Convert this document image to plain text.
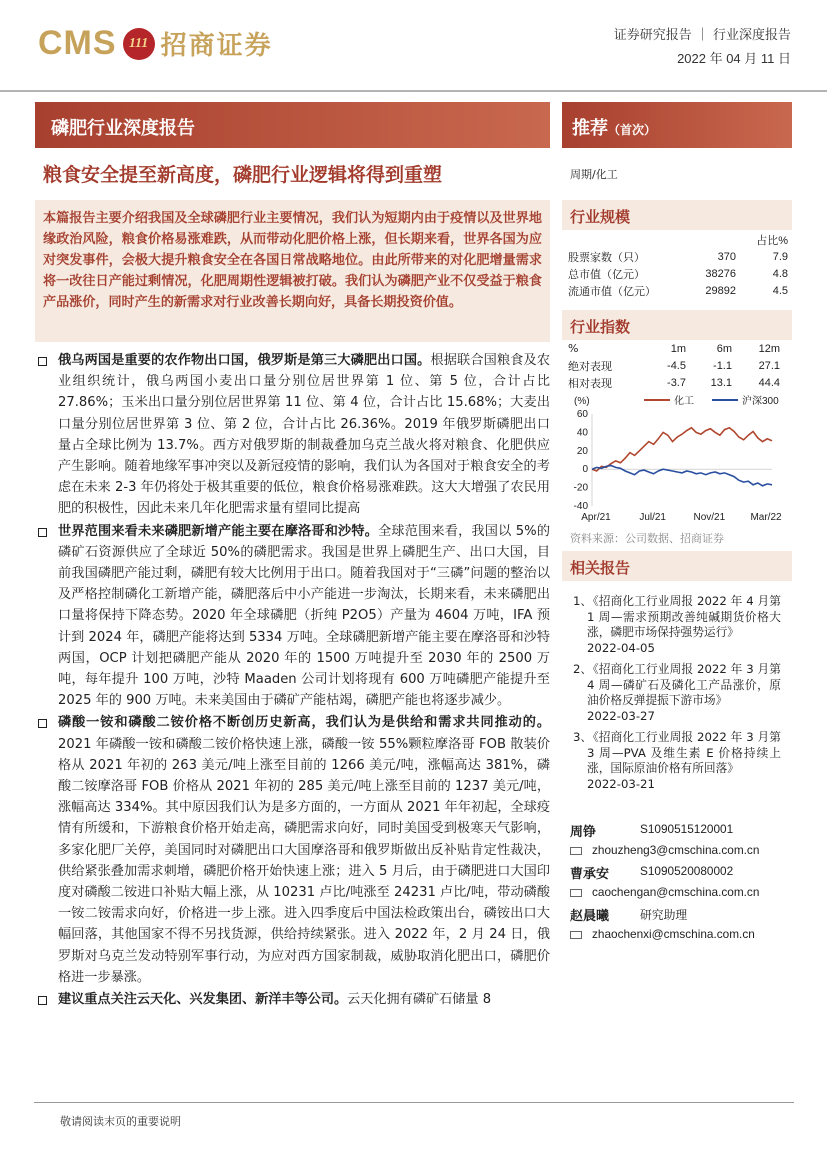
CMS 111 招商证券	证券研究报告 ｜ 行业深度报告
2022 年 04 月 11 日
磷肥行业深度报告
粮食安全提至新高度，磷肥行业逻辑将得到重塑
本篇报告主要介绍我国及全球磷肥行业主要情况，我们认为短期内由于疫情以及世界地缘政治风险，粮食价格易涨难跌，从而带动化肥价格上涨，但长期来看，世界各国为应对突发事件，会极大提升粮食安全在各国日常战略地位。由此所带来的对化肥增量需求将一改往日产能过剩情况，化肥周期性逻辑被打破。我们认为磷肥产业不仅受益于粮食产品涨价，同时产生的新需求对行业改善长期向好，具备长期投资价值。
俄乌两国是重要的农作物出口国，俄罗斯是第三大磷肥出口国。根据联合国粮食及农业组织统计，俄乌两国小麦出口量分别位居世界第 1 位、第 5 位，合计占比 27.86%；玉米出口量分别位居世界第 11 位、第 4 位，合计占比 15.68%；大麦出口量分别位居世界第 3 位、第 2 位，合计占比 26.36%。2019 年俄罗斯磷肥出口量占全球比例为 13.7%。西方对俄罗斯的制裁叠加乌克兰战火将对粮食、化肥供应产生影响。随着地缘军事冲突以及新冠疫情的影响，我们认为各国对于粮食安全的考虑在未来 2-3 年仍将处于极其重要的低位，粮食价格易涨难跌。这大大增强了农民用肥的积极性，因此未来几年化肥需求量有望同比提高
世界范围来看未来磷肥新增产能主要在摩洛哥和沙特。全球范围来看，我国以 5%的磷矿石资源供应了全球近 50%的磷肥需求。我国是世界上磷肥生产、出口大国，目前我国磷肥产能过剩，磷肥有较大比例用于出口。随着我国对于“三磷”问题的整治以及严格控制磷化工新增产能，磷肥落后中小产能进一步淘汰，长期来看，未来磷肥出口量将保持下降态势。2020 年全球磷肥（折纯 P2O5）产量为 4604 万吨，IFA 预计到 2024 年，磷肥产能将达到 5334 万吨。全球磷肥新增产能主要在摩洛哥和沙特两国，OCP 计划把磷肥产能从 2020 年的 1500 万吨提升至 2030 年的 2500 万吨，每年提升 100 万吨，沙特 Maaden 公司计划将现有 600 万吨磷肥产能提升至 2025 年的 900 万吨。未来美国由于磷矿产能枯竭，磷肥产能也将逐步减少。
磷酸一铵和磷酸二铵价格不断创历史新高，我们认为是供给和需求共同推动的。2021 年磷酸一铵和磷酸二铵价格快速上涨，磷酸一铵 55%颗粒摩洛哥 FOB 散装价格从 2021 年初的 263 美元/吨上涨至目前的 1266 美元/吨，涨幅高达 381%，磷酸二铵摩洛哥 FOB 价格从 2021 年初的 285 美元/吨上涨至目前的 1237 美元/吨，涨幅高达 334%。其中原因我们认为是多方面的，一方面从 2021 年年初起，全球疫情有所缓和，下游粮食价格开始走高，磷肥需求向好，同时美国受到极寒天气影响，多家化肥厂关停，美国同时对磷肥出口大国摩洛哥和俄罗斯做出反补贴肯定性裁决，供给紧张叠加需求刺增，磷肥价格开始快速上涨；进入 5 月后，由于磷肥进口大国印度对磷酸二铵进口补贴大幅上涨，从 10231 卢比/吨涨至 24231 卢比/吨，带动磷酸一铵二铵需求向好，价格进一步上涨。进入四季度后中国法检政策出台，磷铵出口大幅回落，其他国家不得不另找货源，供给持续紧张。进入 2022 年，2 月 24 日，俄罗斯对乌克兰发动特别军事行动，为应对西方国家制裁，威胁取消化肥出口，磷肥价格进一步暴涨。
建议重点关注云天化、兴发集团、新洋丰等公司。云天化拥有磷矿石储量 8
敬请阅读末页的重要说明
推荐（首次）
周期/化工
行业规模
		占比%
股票家数（只）	370	7.9
总市值（亿元）	38276	4.8
流通市值（亿元）	29892	4.5
行业指数
%	1m	6m	12m
绝对表现	-4.5	-1.1	27.1
相对表现	-3.7	13.1	44.4
(%)
60
40
20
0
-20
-40
Apr/21	Jul/21	Nov/21	Mar/22
化工	沪深300
资料来源：公司数据、招商证券
相关报告
1、
《招商化工行业周报 2022 年 4 月第 1 周—需求预期改善纯碱期货价格大涨，磷肥市场保持强势运行》
2022-04-05
2、
《招商化工行业周报 2022 年 3 月第 4 周—磷矿石及磷化工产品涨价，原油价格反弹提振下游市场》
2022-03-27
3、
《招商化工行业周报 2022 年 3 月第 3 周—PVA 及维生素 E 价格持续上涨，国际原油价格有所回落》
2022-03-21
周铮	S1090515120001
zhouzheng3@cmschina.com.cn
曹承安	S1090520080002
caochengan@cmschina.com.cn
赵晨曦	研究助理
zhaochenxi@cmschina.com.cn
